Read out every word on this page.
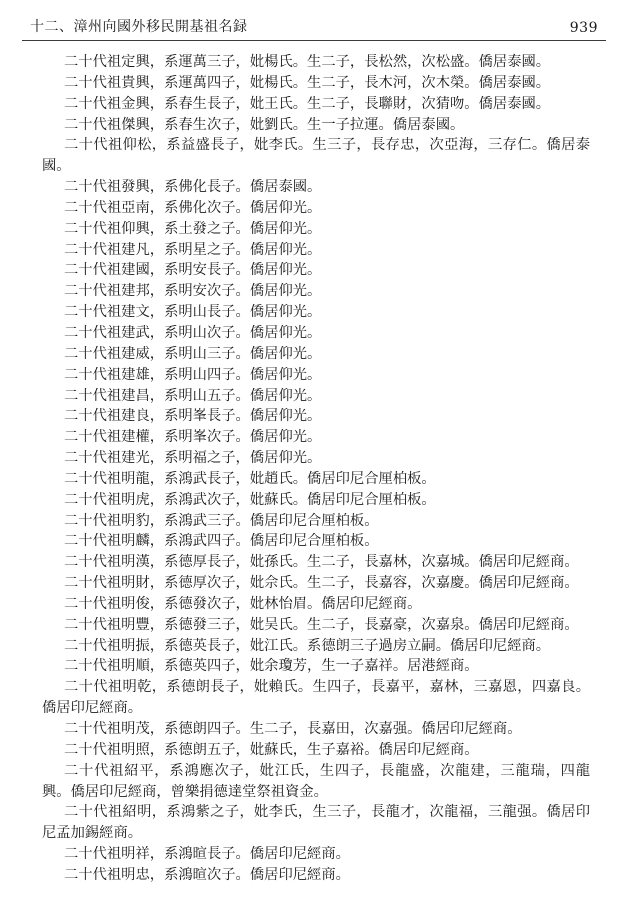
十二、漳州向國外移民開基祖名録	939

二十代祖定興，系運萬三子，妣楊氏。生二子，長松然，次松盛。僑居泰國。

二十代祖貴興，系運萬四子，妣楊氏。生二子，長木河，次木榮。僑居泰國。

二十代祖金興，系春生長子，妣王氏。生二子，長聯財，次猜吻。僑居泰國。

二十代祖傑興，系春生次子，妣劉氏。生一子拉運。僑居泰國。

二十代祖仰松，系益盛長子，妣李氏。生三子，長存忠，次亞海，三存仁。僑居泰國。

二十代祖發興，系佛化長子。僑居泰國。

二十代祖亞南，系佛化次子。僑居仰光。

二十代祖仰興，系土發之子。僑居仰光。

二十代祖建凡，系明星之子。僑居仰光。

二十代祖建國，系明安長子。僑居仰光。

二十代祖建邦，系明安次子。僑居仰光。

二十代祖建文，系明山長子。僑居仰光。

二十代祖建武，系明山次子。僑居仰光。

二十代祖建威，系明山三子。僑居仰光。

二十代祖建雄，系明山四子。僑居仰光。

二十代祖建昌，系明山五子。僑居仰光。

二十代祖建良，系明峯長子。僑居仰光。

二十代祖建權，系明峯次子。僑居仰光。

二十代祖建光，系明福之子，僑居仰光。

二十代祖明龍，系鴻武長子，妣趙氏。僑居印尼合厘柏板。

二十代祖明虎，系鴻武次子，妣蘇氏。僑居印尼合厘柏板。

二十代祖明豹，系鴻武三子。僑居印尼合厘柏板。

二十代祖明麟，系鴻武四子。僑居印尼合厘柏板。

二十代祖明漢，系德厚長子，妣孫氏。生二子，長嘉林，次嘉城。僑居印尼經商。

二十代祖明財，系德厚次子，妣佘氏。生二子，長嘉容，次嘉慶。僑居印尼經商。

二十代祖明俊，系德發次子，妣林怡眉。僑居印尼經商。

二十代祖明豐，系德發三子，妣吴氏。生二子，長嘉豪，次嘉泉。僑居印尼經商。

二十代祖明振，系德英長子，妣江氏。系德朗三子過房立嗣。僑居印尼經商。

二十代祖明順，系德英四子，妣余瓊芳，生一子嘉祥。居港經商。

二十代祖明乾，系德朗長子，妣賴氏。生四子，長嘉平，嘉林，三嘉恩，四嘉良。僑居印尼經商。

二十代祖明茂，系德朗四子。生二子，長嘉田，次嘉强。僑居印尼經商。

二十代祖明照，系德朗五子，妣蘇氏，生子嘉裕。僑居印尼經商。

二十代祖紹平，系鴻應次子，妣江氏，生四子，長龍盛，次龍建，三龍瑞，四龍興。僑居印尼經商，曾樂捐德達堂祭祖資金。

二十代祖紹明，系鴻紫之子，妣李氏，生三子，長龍才，次龍福，三龍强。僑居印尼孟加錫經商。

二十代祖明祥，系鴻暄長子。僑居印尼經商。

二十代祖明忠，系鴻暄次子。僑居印尼經商。
